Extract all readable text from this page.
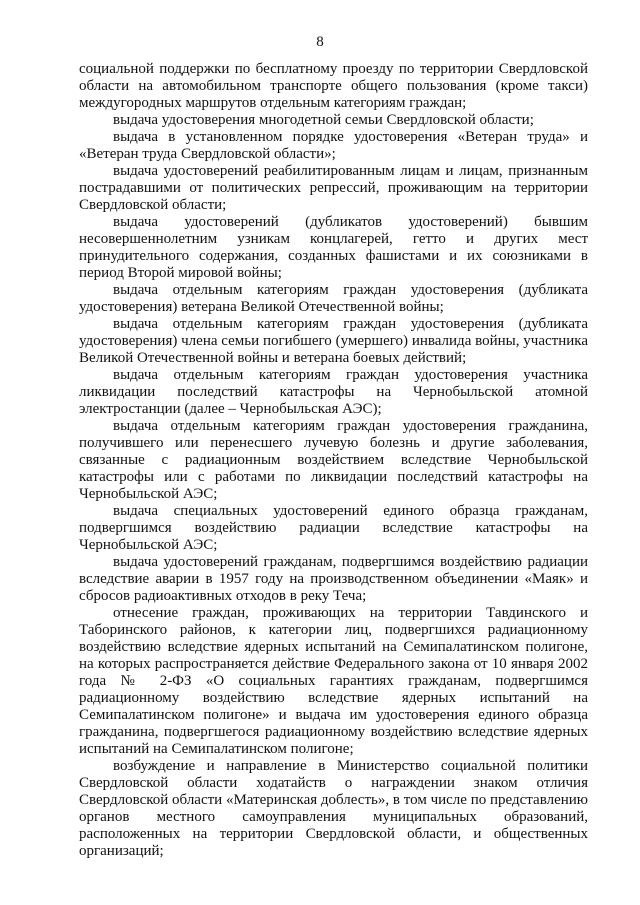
8

социальной поддержки по бесплатному проезду по территории Свердловской области на автомобильном транспорте общего пользования (кроме такси) междугородных маршрутов отдельным категориям граждан;

выдача удостоверения многодетной семьи Свердловской области;

выдача в установленном порядке удостоверения «Ветеран труда» и «Ветеран труда Свердловской области»;

выдача удостоверений реабилитированным лицам и лицам, признанным пострадавшими от политических репрессий, проживающим на территории Свердловской области;

выдача удостоверений (дубликатов удостоверений) бывшим несовершеннолетним узникам концлагерей, гетто и других мест принудительного содержания, созданных фашистами и их союзниками в период Второй мировой войны;

выдача отдельным категориям граждан удостоверения (дубликата удостоверения) ветерана Великой Отечественной войны;

выдача отдельным категориям граждан удостоверения (дубликата удостоверения) члена семьи погибшего (умершего) инвалида войны, участника Великой Отечественной войны и ветерана боевых действий;

выдача отдельным категориям граждан удостоверения участника ликвидации последствий катастрофы на Чернобыльской атомной электростанции (далее – Чернобыльская АЭС);

выдача отдельным категориям граждан удостоверения гражданина, получившего или перенесшего лучевую болезнь и другие заболевания, связанные с радиационным воздействием вследствие Чернобыльской катастрофы или с работами по ликвидации последствий катастрофы на Чернобыльской АЭС;

выдача специальных удостоверений единого образца гражданам, подвергшимся воздействию радиации вследствие катастрофы на Чернобыльской АЭС;

выдача удостоверений гражданам, подвергшимся воздействию радиации вследствие аварии в 1957 году на производственном объединении «Маяк» и сбросов радиоактивных отходов в реку Теча;

отнесение граждан, проживающих на территории Тавдинского и Таборинского районов, к категории лиц, подвергшихся радиационному воздействию вследствие ядерных испытаний на Семипалатинском полигоне, на которых распространяется действие Федерального закона от 10 января 2002 года № 2-ФЗ «О социальных гарантиях гражданам, подвергшимся радиационному воздействию вследствие ядерных испытаний на Семипалатинском полигоне» и выдача им удостоверения единого образца гражданина, подвергшегося радиационному воздействию вследствие ядерных испытаний на Семипалатинском полигоне;

возбуждение и направление в Министерство социальной политики Свердловской области ходатайств о награждении знаком отличия Свердловской области «Материнская доблесть», в том числе по представлению органов местного самоуправления муниципальных образований, расположенных на территории Свердловской области, и общественных организаций;
